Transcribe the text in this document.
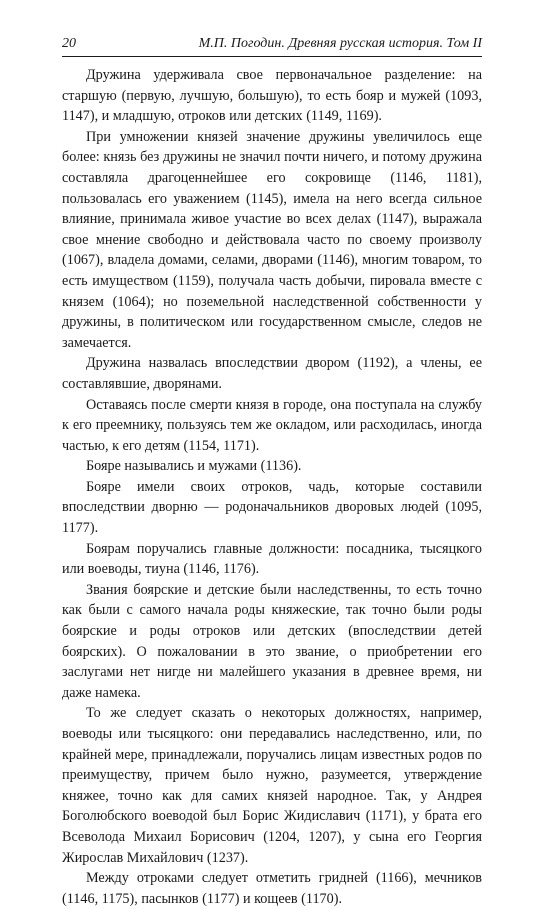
20	М.П. Погодин. Древняя русская история. Том II

Дружина удерживала свое первоначальное разделение: на старшую (первую, лучшую, большую), то есть бояр и мужей (1093, 1147), и младшую, отроков или детских (1149, 1169).

При умножении князей значение дружины увеличилось еще более: князь без дружины не значил почти ничего, и потому дружина составляла драгоценнейшее его сокровище (1146, 1181), пользовалась его уважением (1145), имела на него всегда сильное влияние, принимала живое участие во всех делах (1147), выражала свое мнение свободно и действовала часто по своему произволу (1067), владела домами, селами, дворами (1146), многим товаром, то есть имуществом (1159), получала часть добычи, пировала вместе с князем (1064); но поземельной наследственной собственности у дружины, в политическом или государственном смысле, следов не замечается.

Дружина назвалась впоследствии двором (1192), а члены, ее составлявшие, дворянами.

Оставаясь после смерти князя в городе, она поступала на службу к его преемнику, пользуясь тем же окладом, или расходилась, иногда частью, к его детям (1154, 1171).

Бояре назывались и мужами (1136).

Бояре имели своих отроков, чадь, которые составили впоследствии дворню — родоначальников дворовых людей (1095, 1177).

Боярам поручались главные должности: посадника, тысяцкого или воеводы, тиуна (1146, 1176).

Звания боярские и детские были наследственны, то есть точно как были с самого начала роды княжеские, так точно были роды боярские и роды отроков или детских (впоследствии детей боярских). О пожаловании в это звание, о приобретении его заслугами нет нигде ни малейшего указания в древнее время, ни даже намека.

То же следует сказать о некоторых должностях, например, воеводы или тысяцкого: они передавались наследственно, или, по крайней мере, принадлежали, поручались лицам известных родов по преимуществу, причем было нужно, разумеется, утверждение княжее, точно как для самих князей народное. Так, у Андрея Боголюбского воеводой был Борис Жидиславич (1171), у брата его Всеволода Михаил Борисович (1204, 1207), у сына его Георгия Жирослав Михайлович (1237).

Между отроками следует отметить гридней (1166), мечников (1146, 1175), пасынков (1177) и кощеев (1170).
